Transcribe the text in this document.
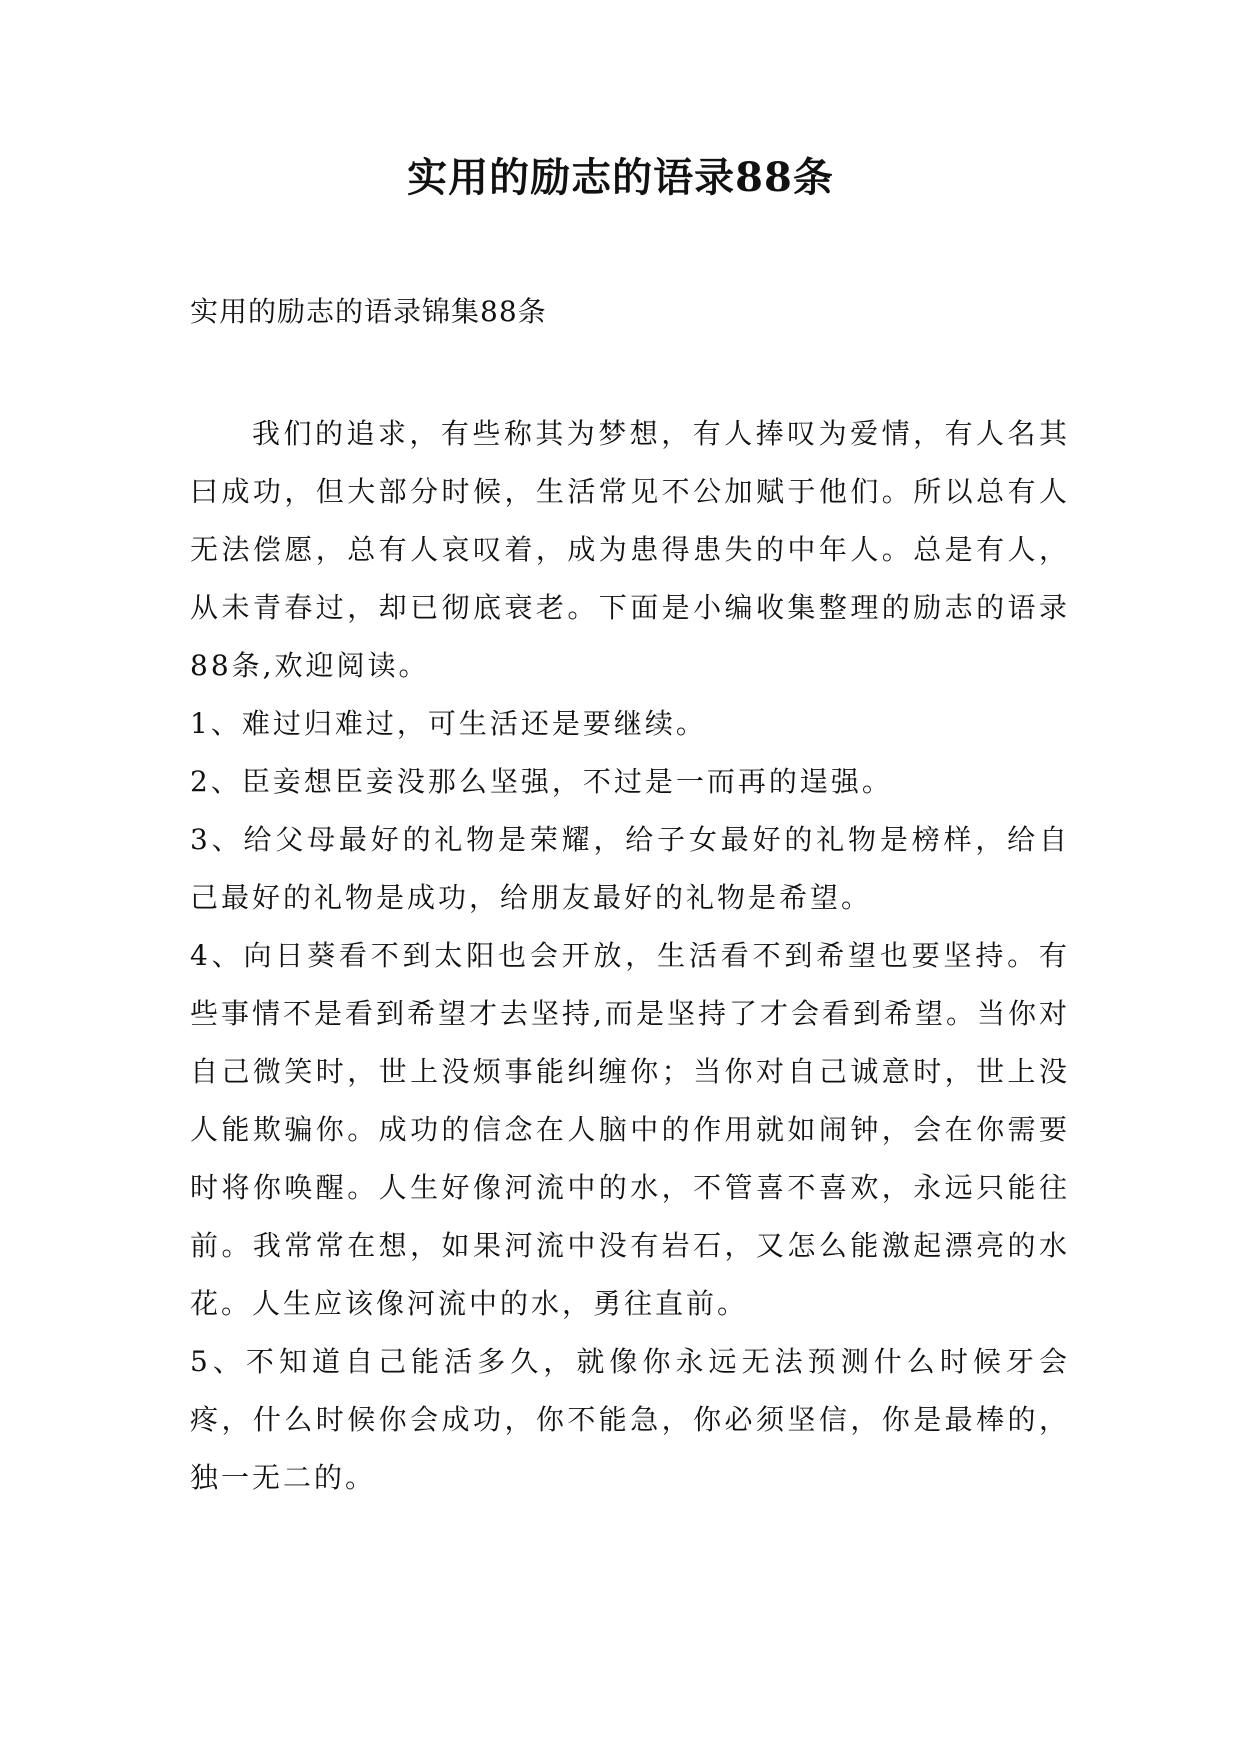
实用的励志的语录88条
实用的励志的语录锦集88条

我们的追求，有些称其为梦想，有人捧叹为爱情，有人名其曰成功，但大部分时候，生活常见不公加赋于他们。所以总有人无法偿愿，总有人哀叹着，成为患得患失的中年人。总是有人，从未青春过，却已彻底衰老。下面是小编收集整理的励志的语录88条,欢迎阅读。

1、难过归难过，可生活还是要继续。

2、臣妾想臣妾没那么坚强，不过是一而再的逞强。

3、给父母最好的礼物是荣耀，给子女最好的礼物是榜样，给自己最好的礼物是成功，给朋友最好的礼物是希望。

4、向日葵看不到太阳也会开放，生活看不到希望也要坚持。有些事情不是看到希望才去坚持,而是坚持了才会看到希望。当你对自己微笑时，世上没烦事能纠缠你；当你对自己诚意时，世上没人能欺骗你。成功的信念在人脑中的作用就如闹钟，会在你需要时将你唤醒。人生好像河流中的水，不管喜不喜欢，永远只能往前。我常常在想，如果河流中没有岩石，又怎么能激起漂亮的水花。人生应该像河流中的水，勇往直前。

5、不知道自己能活多久，就像你永远无法预测什么时候牙会疼，什么时候你会成功，你不能急，你必须坚信，你是最棒的，独一无二的。
